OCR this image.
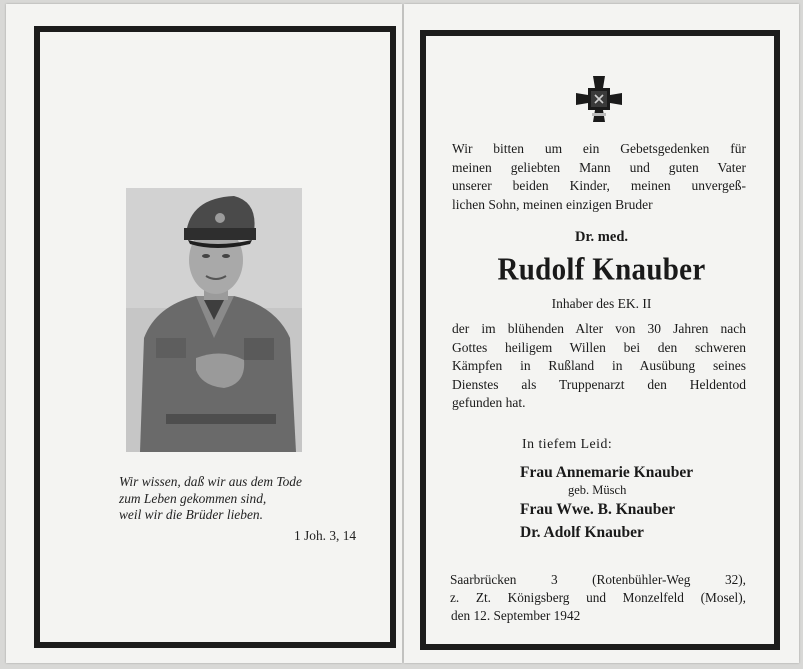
Wir wissen, daß wir aus dem Tode
zum Leben gekommen sind,
weil wir die Brüder lieben.
1 Joh. 3, 14
Wir bitten um ein Gebetsgedenken für
meinen geliebten Mann und guten Vater
unserer beiden Kinder, meinen unvergeß-
lichen Sohn, meinen einzigen Bruder
Dr. med.
Rudolf Knauber
Inhaber des EK. II
der im blühenden Alter von 30 Jahren nach
Gottes heiligem Willen bei den schweren
Kämpfen in Rußland in Ausübung seines
Dienstes als Truppenarzt den Heldentod
gefunden hat.
In tiefem Leid:
Frau Annemarie Knauber
geb. Müsch
Frau Wwe. B. Knauber
Dr. Adolf Knauber
Saarbrücken 3 (Rotenbühler-Weg 32),
z. Zt. Königsberg und Monzelfeld (Mosel),
den 12. September 1942
